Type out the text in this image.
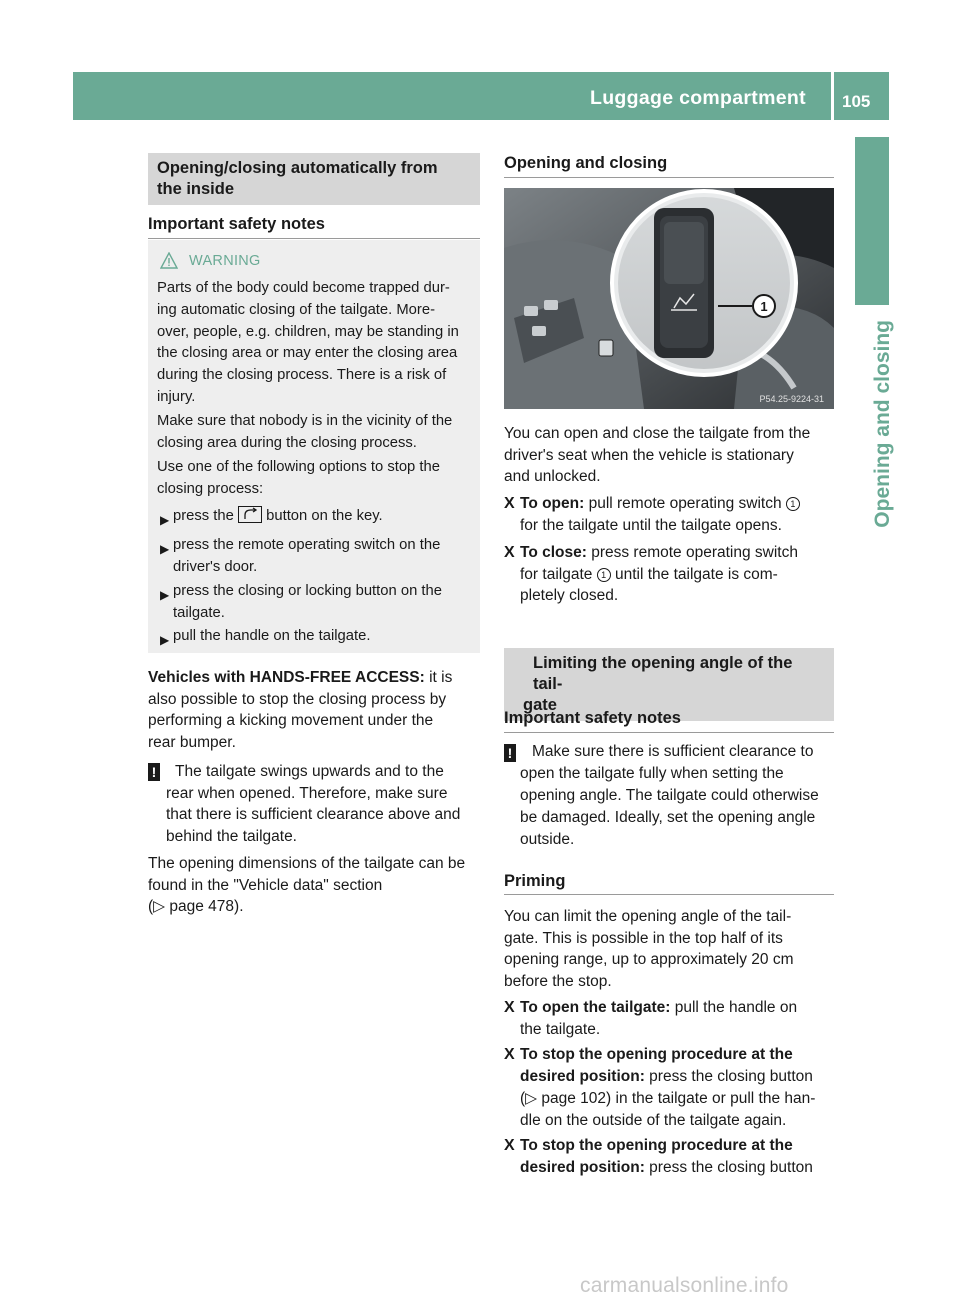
Luggage compartment 105
Opening and closing
Opening/closing automatically from
the inside
Important safety notes
WARNING
Parts of the body could become trapped dur-
ing automatic closing of the tailgate. More-
over, people, e.g. children, may be standing in
the closing area or may enter the closing area
during the closing process. There is a risk of
injury.
Make sure that nobody is in the vicinity of the
closing area during the closing process.
Use one of the following options to stop the
closing process:
▶ press the button on the key.
▶ press the remote operating switch on the
driver's door.
▶ press the closing or locking button on the
tailgate.
▶ pull the handle on the tailgate.
Vehicles with HANDS-FREE ACCESS: it is
also possible to stop the closing process by
performing a kicking movement under the
rear bumper.
! The tailgate swings upwards and to the
rear when opened. Therefore, make sure
that there is sufficient clearance above and
behind the tailgate.
The opening dimensions of the tailgate can be
found in the "Vehicle data" section
(▷ page 478).
Opening and closing
1
P54.25-9224-31
You can open and close the tailgate from the
driver's seat when the vehicle is stationary
and unlocked.
X To open: pull remote operating switch 1
for the tailgate until the tailgate opens.
X To close: press remote operating switch
for tailgate 1 until the tailgate is com-
pletely closed.
Limiting the opening angle of the tail-
gate
Important safety notes
! Make sure there is sufficient clearance to
open the tailgate fully when setting the
opening angle. The tailgate could otherwise
be damaged. Ideally, set the opening angle
outside.
Priming
You can limit the opening angle of the tail-
gate. This is possible in the top half of its
opening range, up to approximately 20 cm
before the stop.
X To open the tailgate: pull the handle on
the tailgate.
X To stop the opening procedure at the
desired position: press the closing button
(▷ page 102) in the tailgate or pull the han-
dle on the outside of the tailgate again.
X To stop the opening procedure at the
desired position: press the closing button
carmanualsonline.info
